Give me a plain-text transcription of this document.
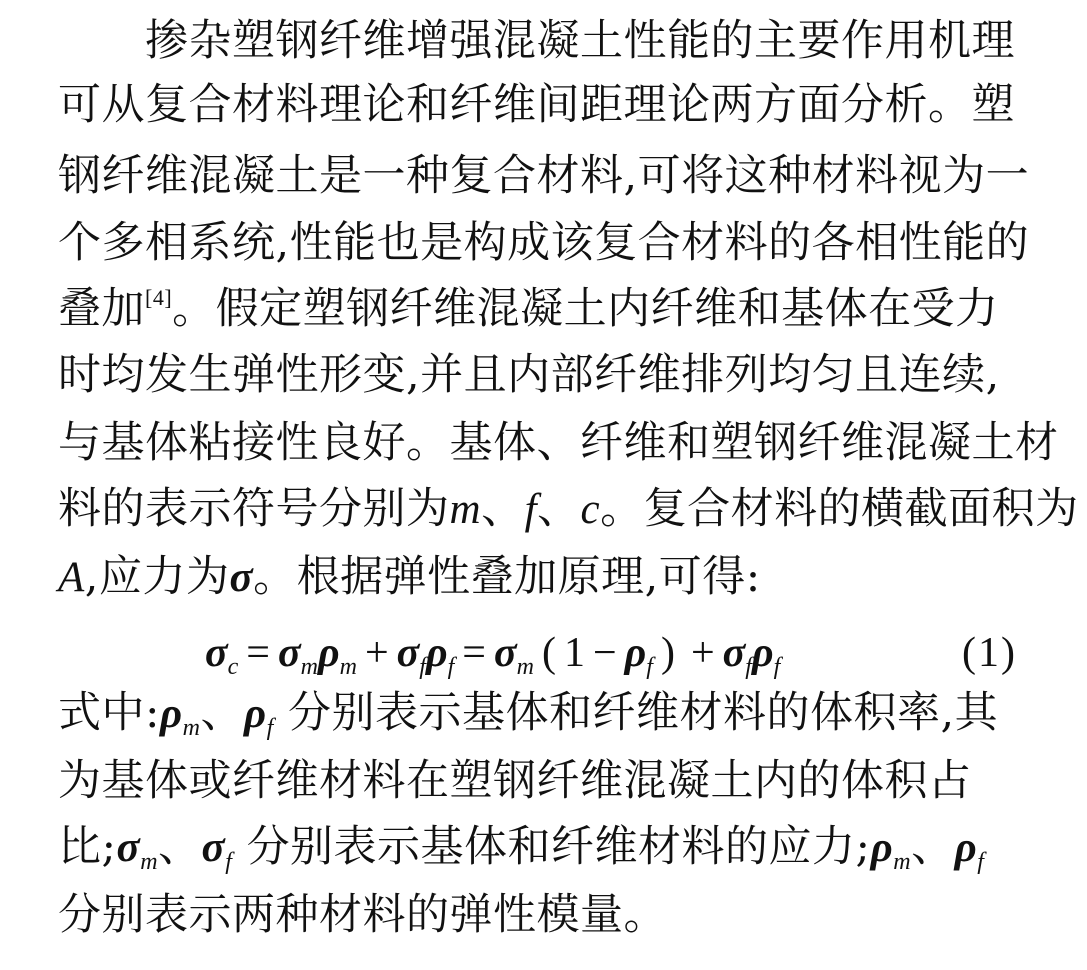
掺杂塑钢纤维增强混凝土性能的主要作用机理
可从复合材料理论和纤维间距理论两方面分析。塑
钢纤维混凝土是一种复合材料,可将这种材料视为一
个多相系统,性能也是构成该复合材料的各相性能的
叠加[4]。假定塑钢纤维混凝土内纤维和基体在受力
时均发生弹性形变,并且内部纤维排列均匀且连续,
与基体粘接性良好。基体、纤维和塑钢纤维混凝土材
料的表示符号分别为m、f、c。复合材料的横截面积为
A,应力为σ。根据弹性叠加原理,可得:
$\sigma_c = \sigma_m\rho_m + \sigma_f\rho_f = \sigma_m$ ( $1 - \rho_f$ ) + $\sigma_f\rho_f$	(1)
式中$:\rho_m$、$\rho_f$ 分别表示基体和纤维材料的体积率,其
为基体或纤维材料在塑钢纤维混凝土内的体积占
比$;\sigma_m$、$\sigma_f$ 分别表示基体和纤维材料的应力$;\rho_m$、$\rho_f$
分别表示两种材料的弹性模量。
